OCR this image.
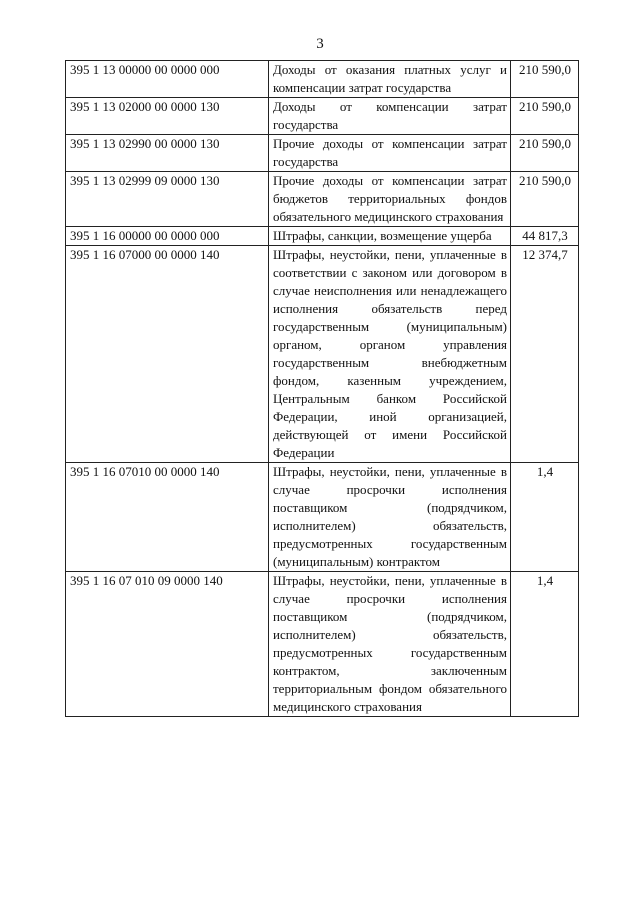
3
395 1 13 00000 00 0000 000	Доходы от оказания платных услуг и компенсации затрат государства	210 590,0
395 1 13 02000 00 0000 130	Доходы от компенсации затрат государства	210 590,0
395 1 13 02990 00 0000 130	Прочие доходы от компенсации затрат государства	210 590,0
395 1 13 02999 09 0000 130	Прочие доходы от компенсации затрат бюджетов территориальных фондов обязательного медицинского страхования	210 590,0
395 1 16 00000 00 0000 000	Штрафы, санкции, возмещение ущерба	44 817,3
395 1 16 07000 00 0000 140	Штрафы, неустойки, пени, уплаченные в соответствии с законом или договором в случае неисполнения или ненадлежащего исполнения обязательств перед государственным (муниципальным) органом, органом управления государственным внебюджетным фондом, казенным учреждением, Центральным банком Российской Федерации, иной организацией, действующей от имени Российской Федерации	12 374,7
395 1 16 07010 00 0000 140	Штрафы, неустойки, пени, уплаченные в случае просрочки исполнения поставщиком (подрядчиком, исполнителем) обязательств, предусмотренных государственным (муниципальным) контрактом	1,4
395 1 16 07 010 09 0000 140	Штрафы, неустойки, пени, уплаченные в случае просрочки исполнения поставщиком (подрядчиком, исполнителем) обязательств, предусмотренных государственным контрактом, заключенным территориальным фондом обязательного медицинского страхования	1,4
